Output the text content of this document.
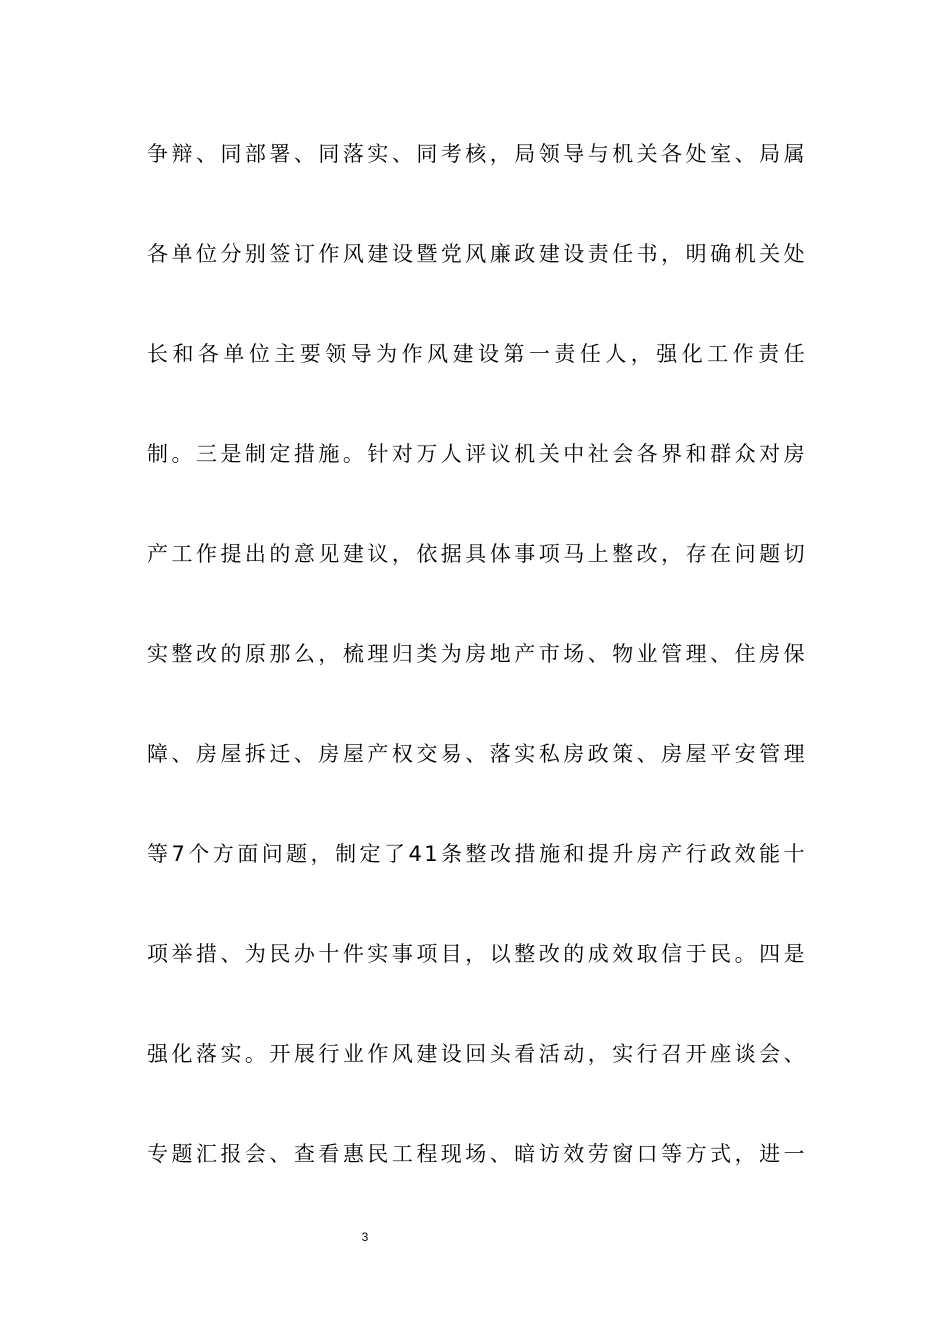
争辩、同部署、同落实、同考核，局领导与机关各处室、局属
各单位分别签订作风建设暨党风廉政建设责任书，明确机关处
长和各单位主要领导为作风建设第一责任人，强化工作责任
制。三是制定措施。针对万人评议机关中社会各界和群众对房
产工作提出的意见建议，依据具体事项马上整改，存在问题切
实整改的原那么，梳理归类为房地产市场、物业管理、住房保
障、房屋拆迁、房屋产权交易、落实私房政策、房屋平安管理
等7个方面问题，制定了41条整改措施和提升房产行政效能十
项举措、为民办十件实事项目，以整改的成效取信于民。四是
强化落实。开展行业作风建设回头看活动，实行召开座谈会、
专题汇报会、查看惠民工程现场、暗访效劳窗口等方式，进一
3
